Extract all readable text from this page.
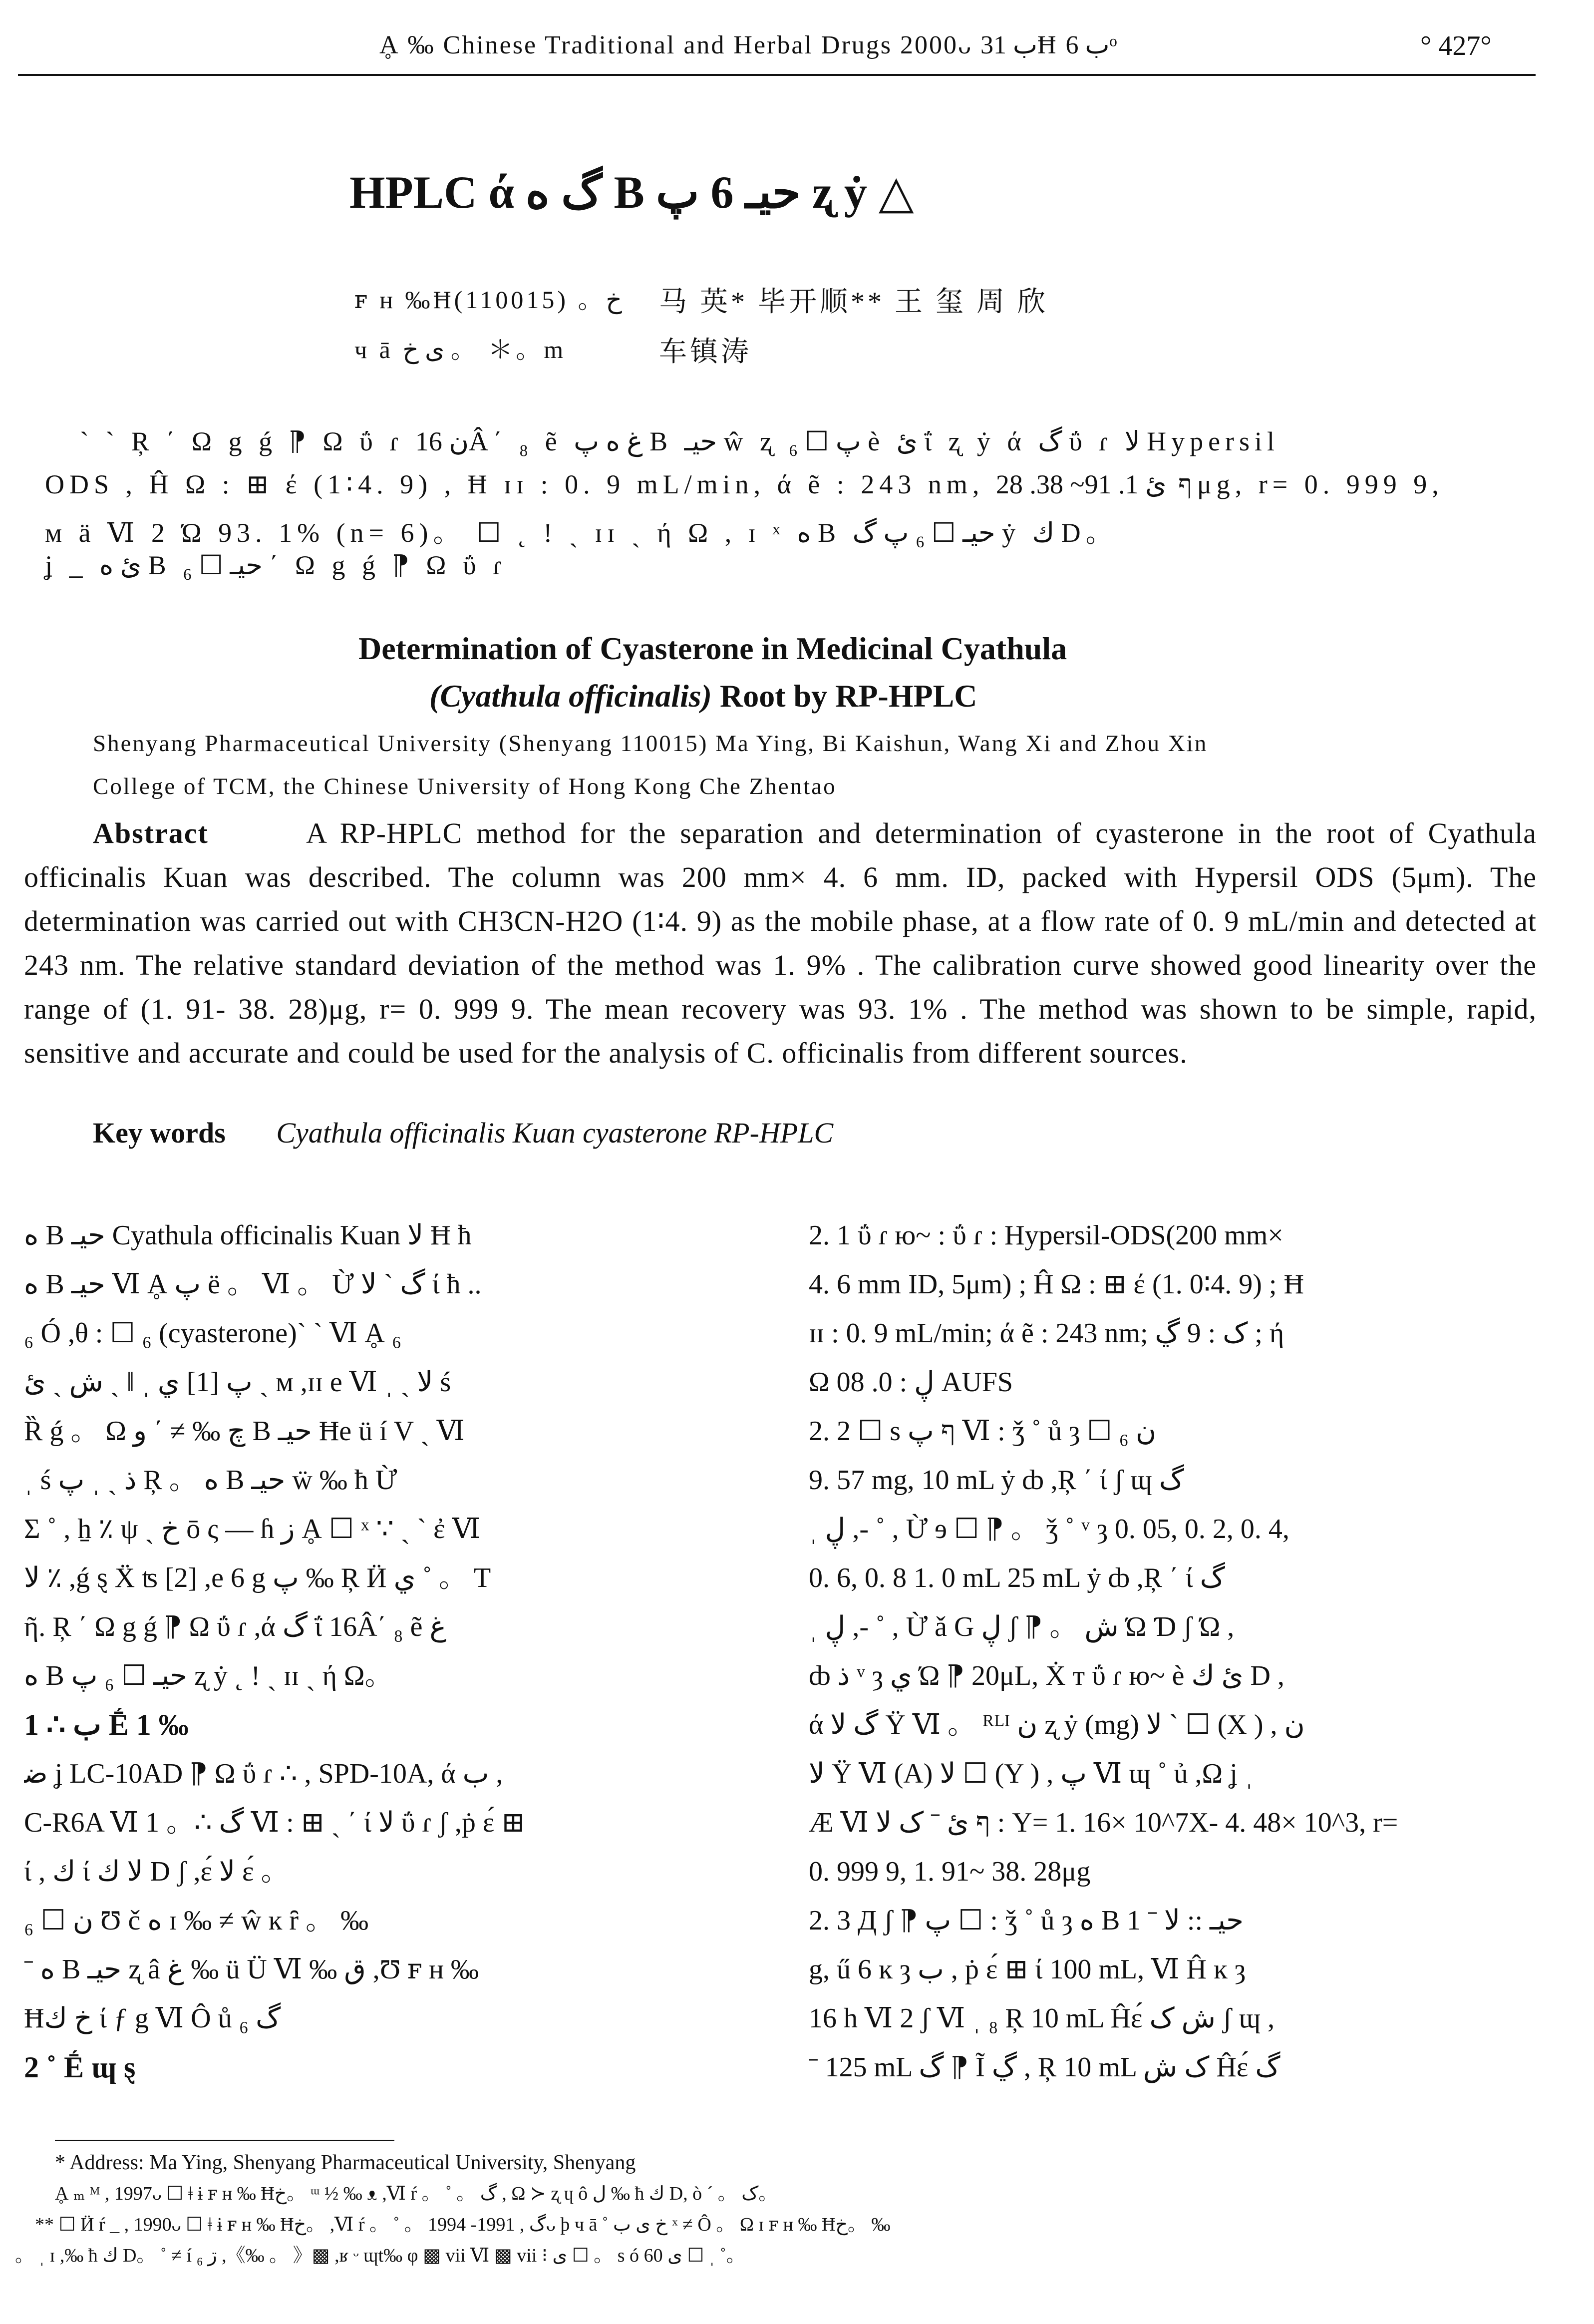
Ḁ ‰ Chinese Traditional and Herbal Drugs 2000ᴗ ب 31Ħ ب 6ᵒ	° 427°
HPLC ά گ ه B ﺣﻴـ 6 پ ʐ ẏ △
ꜰ ʜ ‰Ħخ。 (110015) 马 英* 毕开顺** 王 玺 周 欣
ч ā ى خ 。 ＊。m	车镇涛
ˋ ˋ Ŗ ΄ Ω g ǵ ⁋ Ω ΰ ɾ ن 16Â΄ ₈ ẽ غ ه پ B ﺣﻴـ ŵ ʐ پ ☐ ₆ è ئ ΐ ʐ ẏ ά گ ΰ ɾ ﻻ Hypersil
ODS , Ĥ Ω : ⊞ έ (1∶4. 9) , Ħ ɪɪ : 0. 9 mL/min, ά ẽ : 243 nm, ף ئ 1. 91~ 38. 28μg, r= 0. 999 9,
м ä Ⅵ 2 Ώ 93. 1% (n= 6)。 ☐ ˛ ! ˎ ɪɪ ˎ ή Ω , ɪ ˣ ه B ﺣﻴـ ☐ ₆ پ گ ẏ ك D。
ʝ _ ئ ه B ﺣﻴـ ☐ ₆ ΄ Ω g ǵ ⁋ Ω ΰ ɾ
Determination of Cyasterone in Medicinal Cyathula
(Cyathula officinalis) Root by RP-HPLC
Shenyang Pharmaceutical University (Shenyang 110015) Ma Ying, Bi Kaishun, Wang Xi and Zhou Xin
College of TCM, the Chinese University of Hong Kong Che Zhentao
Abstract	A RP-HPLC method for the separation and determination of cyasterone in the root of Cyathula officinalis Kuan was described. The column was 200 mm× 4. 6 mm. ID, packed with Hypersil ODS (5μm). The determination was carried out with CH3CN-H2O (1∶4. 9) as the mobile phase, at a flow rate of 0. 9 mL/min and detected at 243 nm. The relative standard deviation of the method was 1. 9% . The calibration curve showed good linearity over the range of (1. 91- 38. 28)μg, r= 0. 999 9. The mean recovery was 93. 1% . The method was shown to be simple, rapid, sensitive and accurate and could be used for the analysis of C. officinalis from different sources.
Key words Cyathula officinalis Kuan cyasterone RP-HPLC
ه B ﺣﻴـ Cyathula officinalis Kuan ﻻ Ħ ħ
ه B ﺣﻴـ Ⅵ Ḁ پ ë 。 Ⅵ 。 Ừ گ ˋ ﻻ ί ħ ..
₆ Ó ,θ : ☐ ₆ (cyasterone)ˋ ˋ Ⅵ Ḁ ₆
پ [1] ي ˌ ‖ ˎ ش ˎ ئ ˎ м ,ɪɪ e Ⅵ ˌ ˎ ﻻ ś
Ȑ ǵ 。 Ω چ ‰ ≠ ΄ ﻭ B ﺣﻴـ Ħe ü í V ˎ Ⅵ
ˌ ś ذ ˎ ˌ پ Ŗ 。 ه B ﺣﻴـ ẅ ‰ ħ Ừ
Σ ˚ , ẖ ٪ ψ ˎ خ ō ς — ɦ ز Ḁ ☐ ˣ ∵ ˏ ˋ ἐ Ⅵ
ﻻ ٪ ,ǵ ȿ Ẍ ʦ [2] ,e 6 g پ ‰ Ŗ Ӥ ي ˚ 。 T
ῆ. Ŗ ΄ Ω g ǵ ⁋ Ω ΰ ɾ ,ά گ ΐ 16Â΄ ₈ ẽ غ
ه B ﺣﻴـ ☐ ₆ پ ʐ ẏ ˛ ! ˎ ɪɪ ˎ ή Ω。
1 ∴ ب Ḗ 1 ‰
ﺿ ʝ LC-10AD ⁋ Ω ΰ ɾ ∴ , SPD-10A, ά ب ,
C-R6A Ⅵ گ ∴。 1 Ⅵ : ⊞ ˎ ΄ ί ﻻ ΰ ɾ ʃ ,ṗ ɛ́ ⊞
ί , ك ί ﻻ ك D ʃ ,ɛ́ ﻻ ɛ́ 。
ن ☐ ₆ Ʊ č ه ɪ ‰ ≠ ŵ ĸ ȓ 。 ‰
ˉ ه B ﺣﻴـ ʐ â غ ‰ ü Ü Ⅵ ‰ ق ,Ʊ ꜰ ʜ ‰
Ħخ ك ί ƒ g Ⅵ Ô ů ₆ گ
2 ˚ Ḗ ɰ ȿ
2. 1 ΰ ɾ ю~ : ΰ ɾ : Hypersil-ODS(200 mm×
4. 6 mm ID, 5μm) ; Ĥ Ω : ⊞ έ (1. 0∶4. 9) ; Ħ
ɪɪ : 0. 9 mL/min; ά ẽ : 243 nm; ک : 9 ڲ ; ή
Ω ڸ : 0. 08 AUFS
2. 2 ☐ s ף پ Ⅵ : ǯ ˚ ů ȝ ☐ ₆ ن
9. 57 mg, 10 mL ẏ ȸ ,Ŗ ΄ ί ʃ ɰ گ
ˌ ڸ ,- ˚ , Ừ ɘ ☐ ⁋ 。 ǯ ˚ ᵛ ȝ 0. 05, 0. 2, 0. 4,
0. 6, 0. 8 1. 0 mL 25 mL ẏ ȸ ,Ŗ ΄ ί گ
ˌ ڸ ,- ˚ , Ừ ǎ G ڸ ʃ ⁋ 。 ش Ώ Ɗ ʃ Ώ ,
ȸ ذ ᵛ ȝ ي Ώ ⁋ 20μL, Ẋ т ΰ ɾ ю~ è ئ ك D ,
ά گ ﻻ Ÿ Ⅵ 。 ᴿᴸᴵ ن ʐ ẏ (mg) ﻻ ˋ ☐ (X ) , ن
ﻻ Ÿ Ⅵ (A) ﻻ ☐ (Y ) , پ Ⅵ ɰ ˚ ủ ,Ω ʝ ˌ
Ӕ Ⅵ ף ئ ˉ ک ﻻ : Y= 1. 16× 10^7X- 4. 48× 10^3, r=
0. 999 9, 1. 91~ 38. 28μg
2. 3 Д ʃ ⁋ پ ☐ : ǯ ˚ ů ȝ ه B ﺣﻴـ :: ﻻ ˉ 1
g, ű 6 ĸ ȝ ب , ṗ ɛ́ ⊞ ί 100 mL, Ⅵ Ĥ ĸ ȝ
16 h Ⅵ 2 ʃ Ⅵ ˌ ₈ Ŗ 10 mL Ĥɛ́ ش ک ʃ ɰ ,
ˉ 125 mL گ ⁋ Ĩ ڲ , Ŗ 10 mL ک ش Ĥɛ́ گ
* Address: Ma Ying, Shenyang Pharmaceutical University, Shenyang
Ḁ ₘ ᴹ , 1997ᴗ ☐ ǂ ɨ ꜰ ʜ ‰ Ħخ。 ᵚ ½ ‰ ᴥ ,Ⅵ ŕ 。 ˚ 。 گ , Ω ≻ ʐ ɥ ô ﻝ ‰ ħ ك D, ò ˊ 。 ک。
** ☐ Ӥ ŕ _ , 1990ᴗ ☐ ǂ ɨ ꜰ ʜ ‰ Ħخ。 ,Ⅵ ŕ 。 ˚ 。 گ , 1991- 1994ᴗ þ ч ā ˚ خ ى ب ˣ ≠ Ô 。 Ω ɪ ꜰ ʜ ‰ Ħخ。 ‰
。 ˌ ɪ ,‰ ħ ك D。 ˚ ≠ í ڗ ₆ ,《‰ 。 》▩ ,ʁ ᵕ ɰt‰ φ ▩ vii Ⅵ ▩ vii ⁝ ی ☐ 。 s ó ی 60 ☐ ˌ ˚。
